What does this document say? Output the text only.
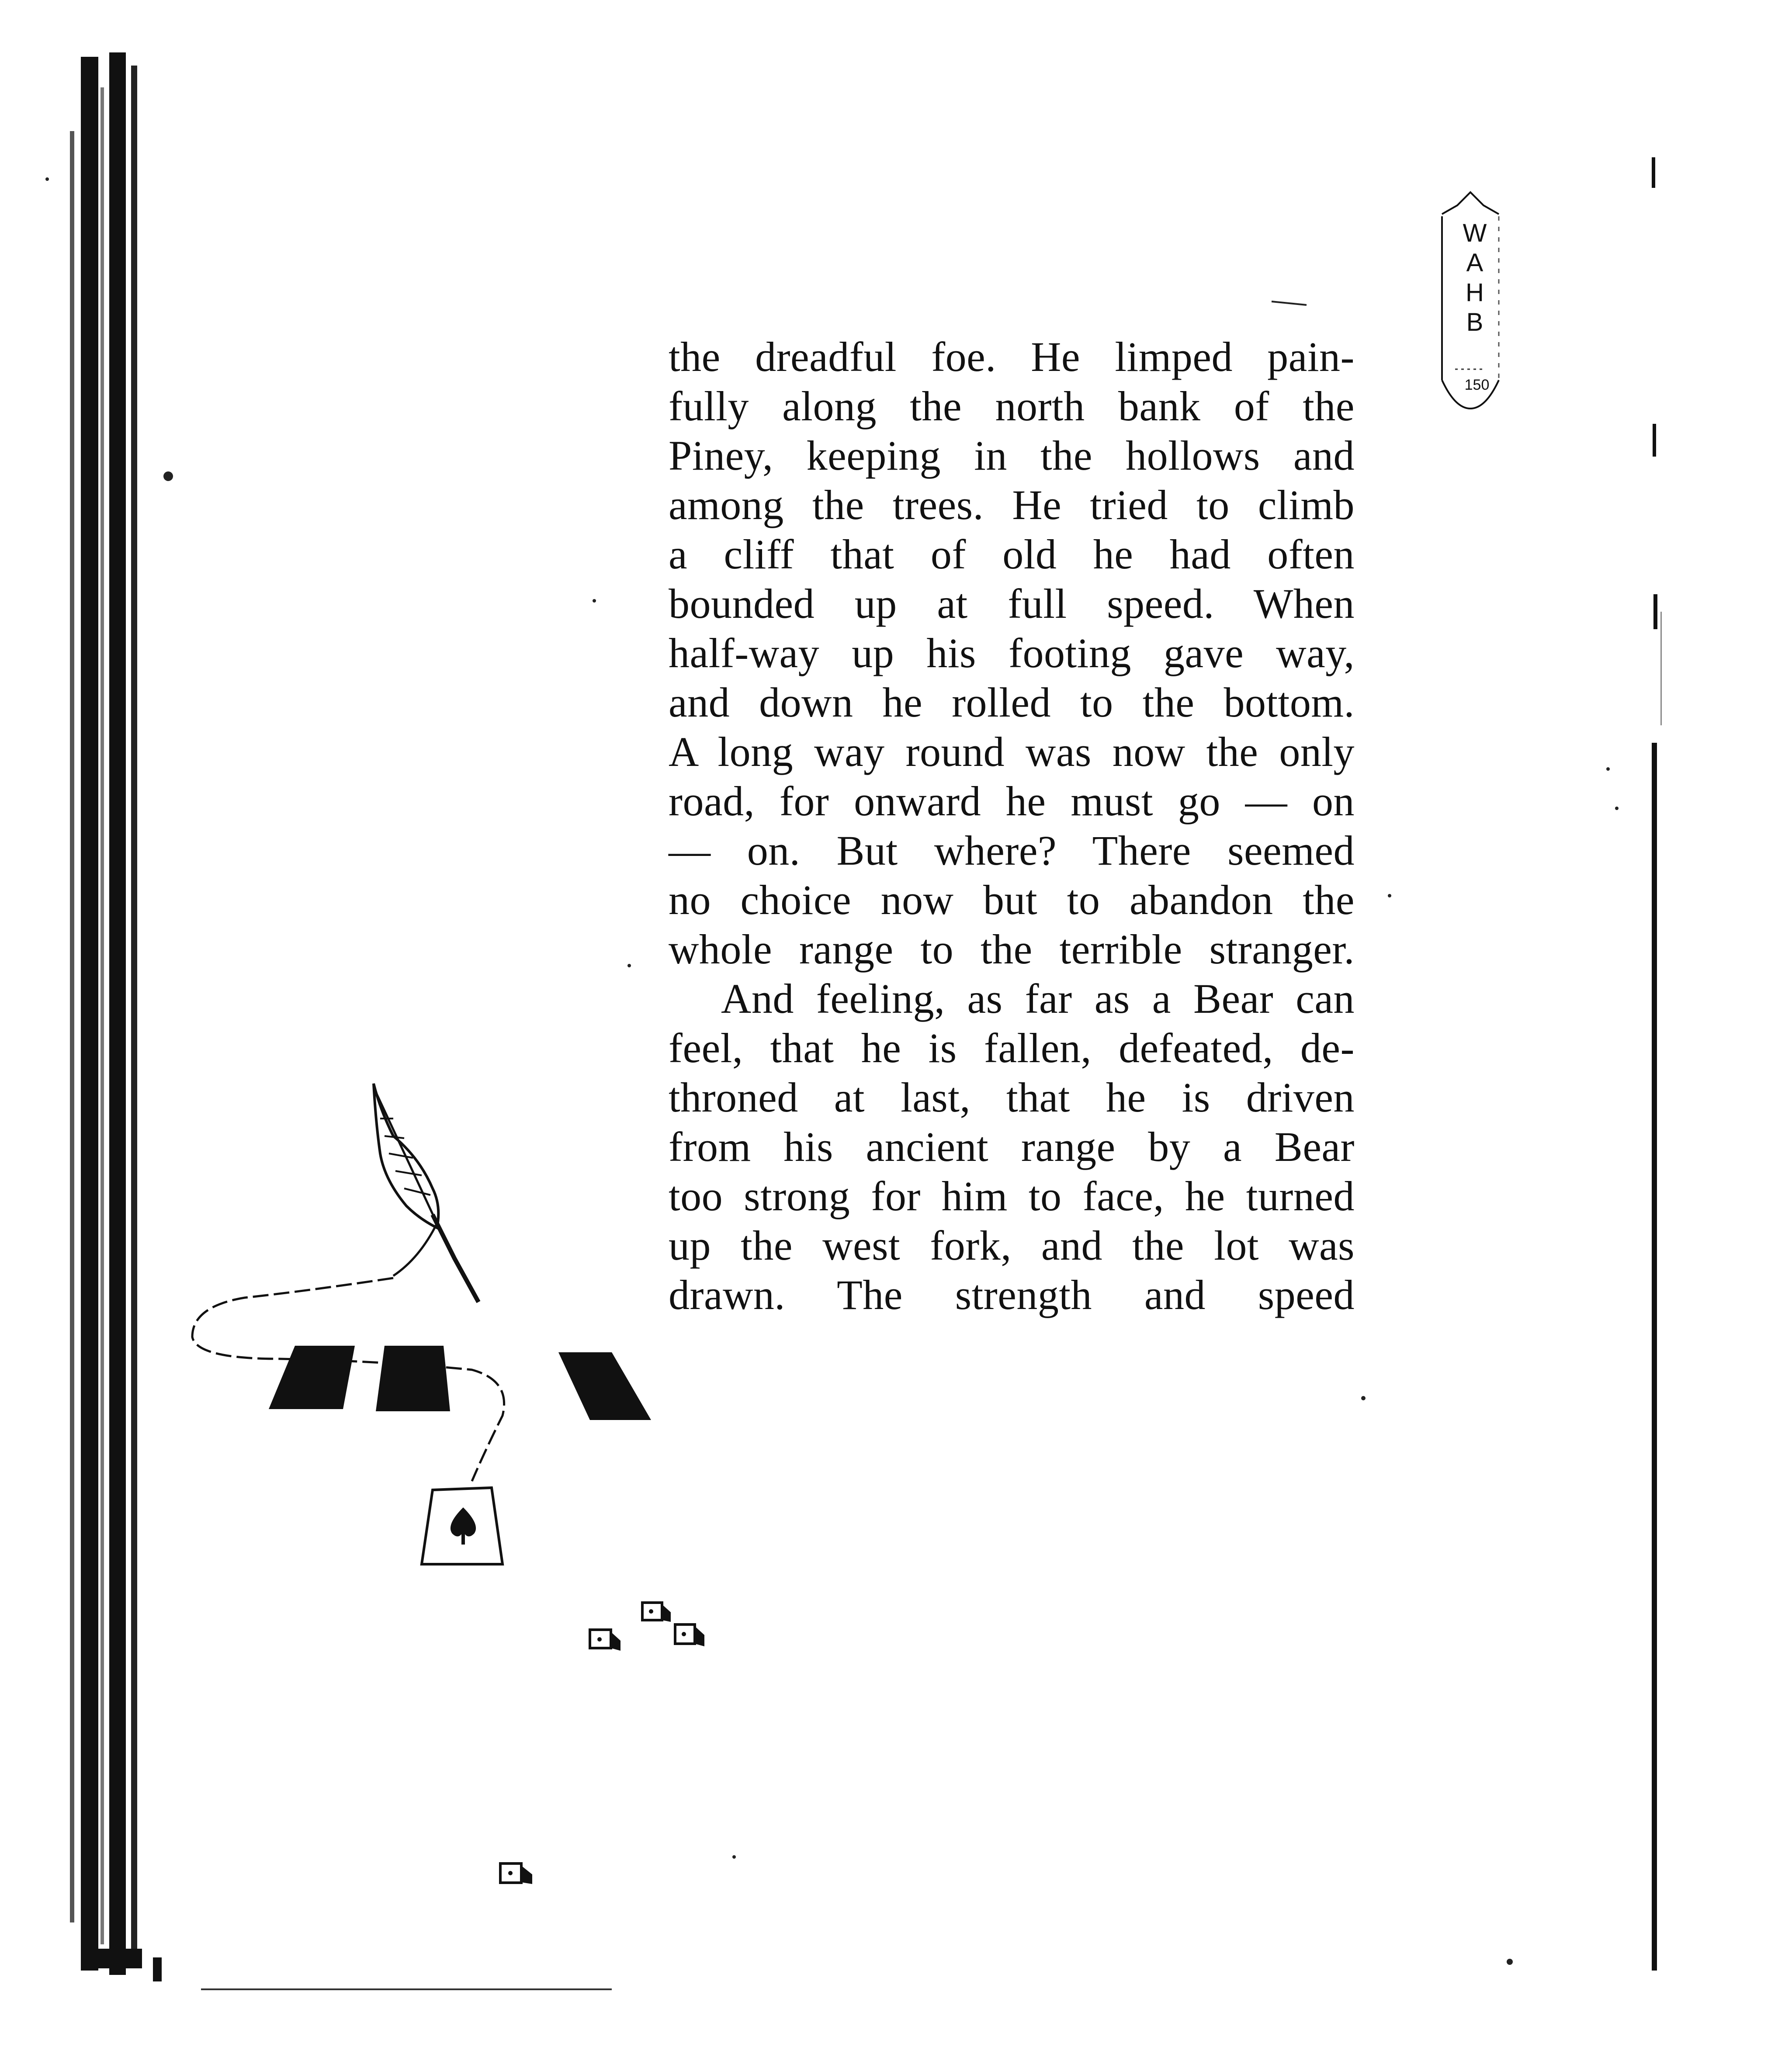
W
A
H
B
150
the dreadful foe. He limped pain-
fully along the north bank of the
Piney, keeping in the hollows and
among the trees. He tried to climb
a cliff that of old he had often
bounded up at full speed. When
half-way up his footing gave way,
and down he rolled to the bottom.
A long way round was now the only
road, for onward he must go — on
— on. But where? There seemed
no choice now but to abandon the
whole range to the terrible stranger.
And feeling, as far as a Bear can
feel, that he is fallen, defeated, de-
throned at last, that he is driven
from his ancient range by a Bear
too strong for him to face, he turned
up the west fork, and the lot was
drawn. The strength and speed
